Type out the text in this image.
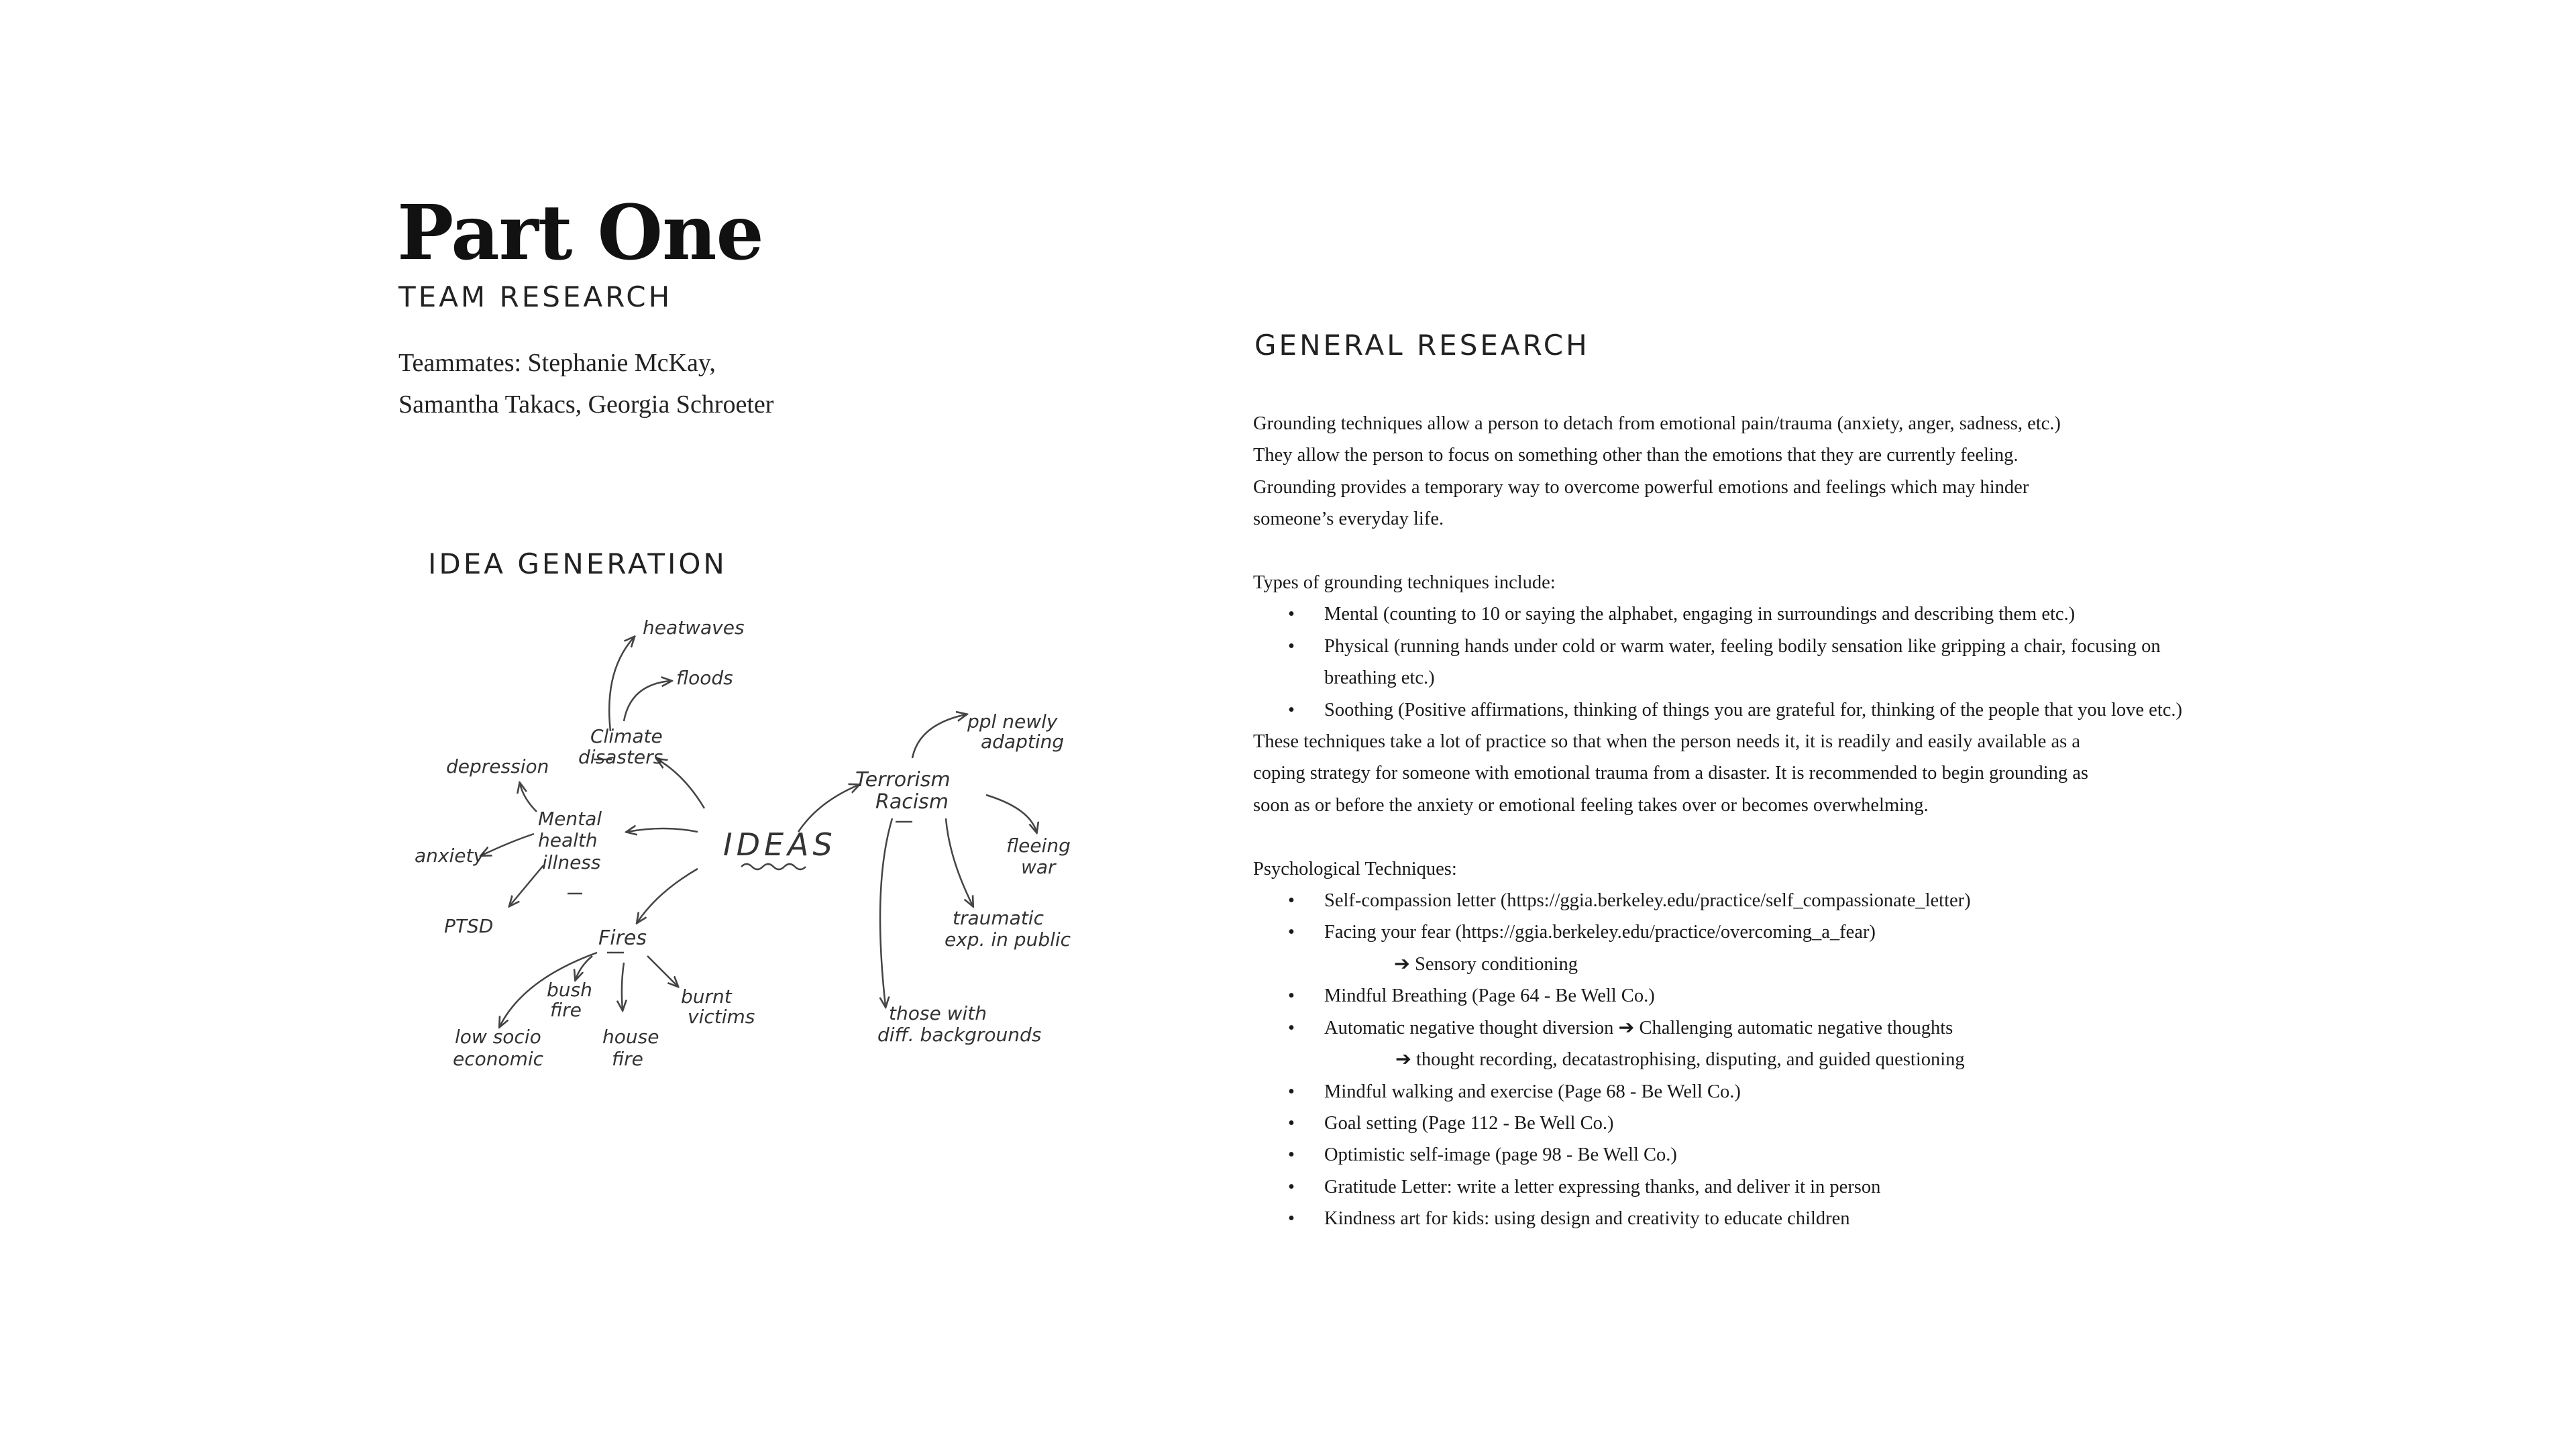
Part One
TEAM RESEARCH
Teammates: Stephanie McKay,
Samantha Takacs, Georgia Schroeter
IDEA GENERATION
IDEAS
Climate
disasters
heatwaves
floods
Mental
health
illness
depression
anxiety
PTSD
Fires
bush
fire
house
fire
burnt
victims
low socio
economic
Terrorism
Racism
ppl newly
adapting
fleeing
war
traumatic
exp. in public
those with
diff. backgrounds
GENERAL RESEARCH

Grounding techniques allow a person to detach from emotional pain/trauma (anxiety, anger, sadness, etc.)

They allow the person to focus on something other than the emotions that they are currently feeling.

Grounding provides a temporary way to overcome powerful emotions and feelings which may hinder

someone’s everyday life.

Types of grounding techniques include:

• Mental (counting to 10 or saying the alphabet, engaging in surroundings and describing them etc.)
• Physical (running hands under cold or warm water, feeling bodily sensation like gripping a chair, focusing on breathing etc.)
• Soothing (Positive affirmations, thinking of things you are grateful for, thinking of the people that you love etc.)

These techniques take a lot of practice so that when the person needs it, it is readily and easily available as a

coping strategy for someone with emotional trauma from a disaster. It is recommended to begin grounding as

soon as or before the anxiety or emotional feeling takes over or becomes overwhelming.

Psychological Techniques:

• Self-compassion letter (https://ggia.berkeley.edu/practice/self_compassionate_letter)
• Facing your fear (https://ggia.berkeley.edu/practice/overcoming_a_fear)

➔ Sensory conditioning

• Mindful Breathing (Page 64 - Be Well Co.)
• Automatic negative thought diversion ➔ Challenging automatic negative thoughts

➔ thought recording, decatastrophising, disputing, and guided questioning

• Mindful walking and exercise (Page 68 - Be Well Co.)
• Goal setting (Page 112 - Be Well Co.)
• Optimistic self-image (page 98 - Be Well Co.)
• Gratitude Letter: write a letter expressing thanks, and deliver it in person
• Kindness art for kids: using design and creativity to educate children
